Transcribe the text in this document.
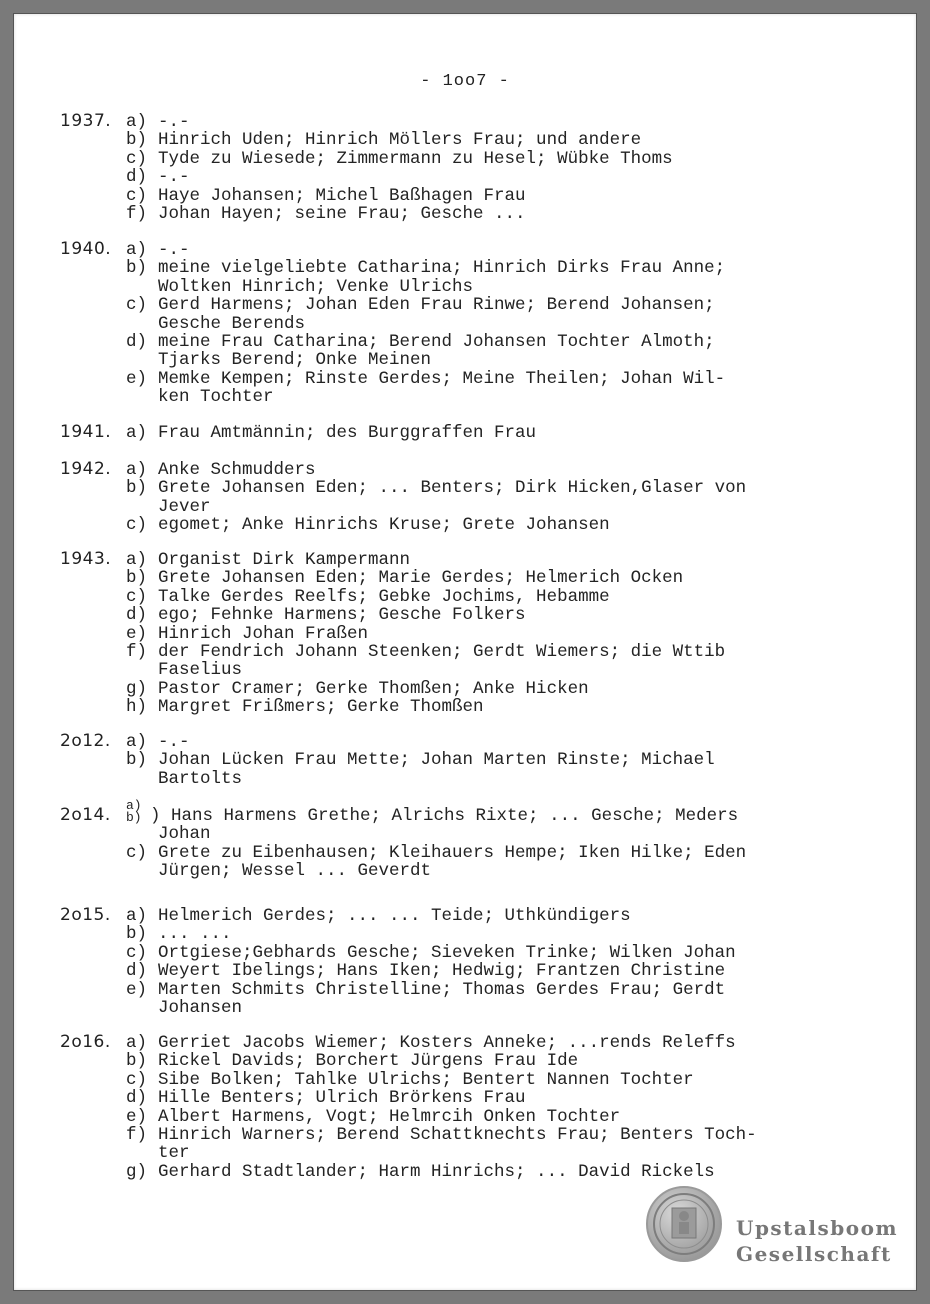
- 1oo7 -
1937. a) -.-
b) Hinrich Uden; Hinrich Möllers Frau; und andere
c) Tyde zu Wiesede; Zimmermann zu Hesel; Wübke Thoms
d) -.-
c) Haye Johansen; Michel Baßhagen Frau
f) Johan Hayen; seine Frau; Gesche ...
1940. a) -.-
b) meine vielgeliebte Catharina; Hinrich Dirks Frau Anne;
Woltken Hinrich; Venke Ulrichs
c) Gerd Harmens; Johan Eden Frau Rinwe; Berend Johansen;
Gesche Berends
d) meine Frau Catharina; Berend Johansen Tochter Almoth;
Tjarks Berend; Onke Meinen
e) Memke Kempen; Rinste Gerdes; Meine Theilen; Johan Wil-
ken Tochter
1941. a) Frau Amtmännin; des Burggraffen Frau
1942. a) Anke Schmudders
b) Grete Johansen Eden; ... Benters; Dirk Hicken,Glaser von
Jever
c) egomet; Anke Hinrichs Kruse; Grete Johansen
1943. a) Organist Dirk Kampermann
b) Grete Johansen Eden; Marie Gerdes; Helmerich Ocken
c) Talke Gerdes Reelfs; Gebke Jochims, Hebamme
d) ego; Fehnke Harmens; Gesche Folkers
e) Hinrich Johan Fraßen
f) der Fendrich Johann Steenken; Gerdt Wiemers; die Wttib
Faselius
g) Pastor Cramer; Gerke Thomßen; Anke Hicken
h) Margret Frißmers; Gerke Thomßen
2o12. a) -.-
b) Johan Lücken Frau Mette; Johan Marten Rinste; Michael
Bartolts
2o14. a)
b) ) Hans Harmens Grethe; Alrichs Rixte; ... Gesche; Meders
Johan
c) Grete zu Eibenhausen; Kleihauers Hempe; Iken Hilke; Eden
Jürgen; Wessel ... Geverdt
2o15. a) Helmerich Gerdes; ... ... Teide; Uthkündigers
b) ... ...
c) Ortgiese;Gebhards Gesche; Sieveken Trinke; Wilken Johan
d) Weyert Ibelings; Hans Iken; Hedwig; Frantzen Christine
e) Marten Schmits Christelline; Thomas Gerdes Frau; Gerdt
Johansen
2o16. a) Gerriet Jacobs Wiemer; Kosters Anneke; ...rends Releffs
b) Rickel Davids; Borchert Jürgens Frau Ide
c) Sibe Bolken; Tahlke Ulrichs; Bentert Nannen Tochter
d) Hille Benters; Ulrich Brörkens Frau
e) Albert Harmens, Vogt; Helmrcih Onken Tochter
f) Hinrich Warners; Berend Schattknechts Frau; Benters Toch-
ter
g) Gerhard Stadtlander; Harm Hinrichs; ... David Rickels
Upstalsboom
Gesellschaft
